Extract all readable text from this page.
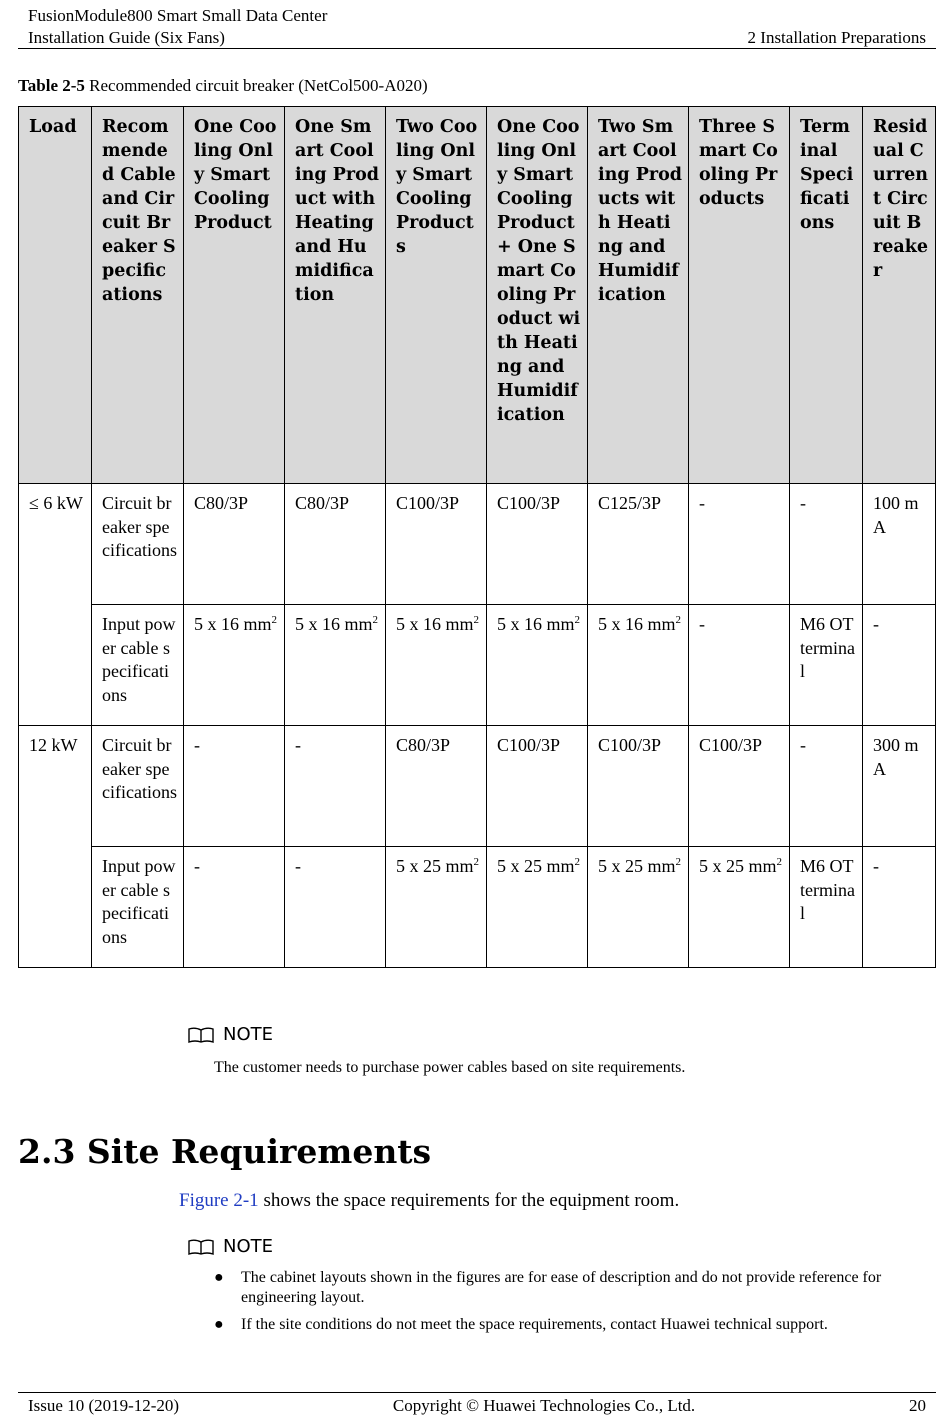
FusionModule800 Smart Small Data Center
Installation Guide (Six Fans)	2 Installation Preparations
Table 2-5 Recommended circuit breaker (NetCol500-A020)
Load	Recommended Cable and Circuit Breaker Specifications	One Cooling Only Smart Cooling Product	One Smart Cooling Product with Heating and Humidification	Two Cooling Only Smart Cooling Products	One Cooling Only Smart Cooling Product + One Smart Cooling Product with Heating and Humidification	Two Smart Cooling Products with Heating and Humidification	Three Smart Cooling Products	Terminal Specifications	Residual Current Circuit Breaker
≤ 6 kW	Circuit breaker specifications	C80/3P	C80/3P	C100/3P	C100/3P	C125/3P	-	-	100 mA
	Input power cable specifications	5 x 16 $mm^2$	5 x 16 $mm^2$	5 x 16 $mm^2$	5 x 16 $mm^2$	5 x 16 $mm^2$	-	M6 OT terminal	-
12 kW	Circuit breaker specifications	-	-	C80/3P	C100/3P	C100/3P	C100/3P	-	300 mA
	Input power cable specifications	-	-	5 x 25 $mm^2$	5 x 25 $mm^2$	5 x 25 $mm^2$	5 x 25 $mm^2$	M6 OT terminal	-
NOTE
The customer needs to purchase power cables based on site requirements.
2.3 Site Requirements
Figure 2-1 shows the space requirements for the equipment room.
NOTE
● The cabinet layouts shown in the figures are for ease of description and do not provide reference for engineering layout.
● If the site conditions do not meet the space requirements, contact Huawei technical support.
Issue 10 (2019-12-20)	Copyright © Huawei Technologies Co., Ltd.	20
